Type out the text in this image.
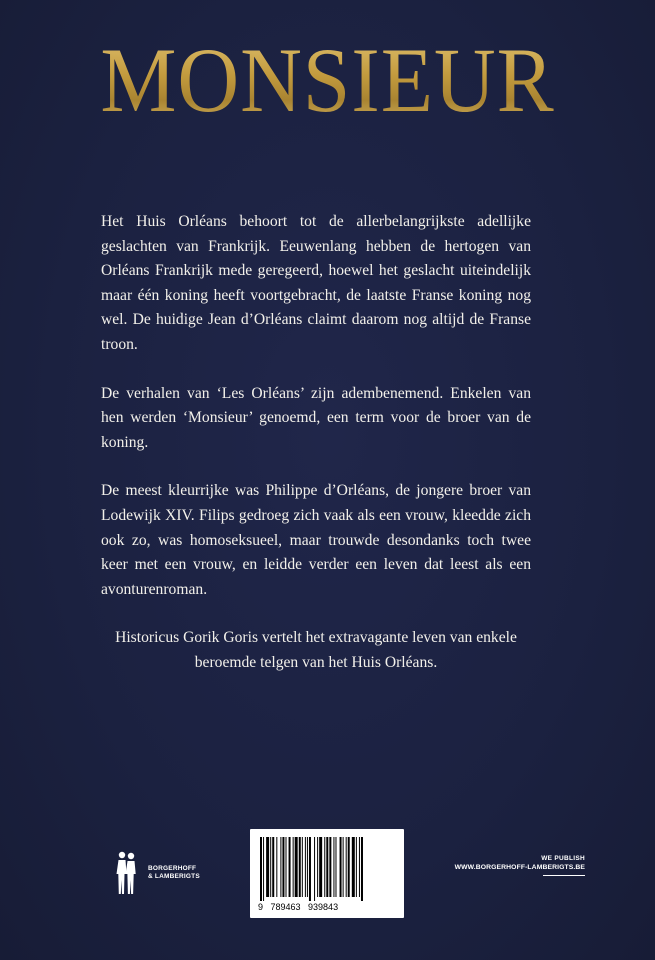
MONSIEUR

Het Huis Orléans behoort tot de allerbelangrijkste adellijke geslachten van Frankrijk. Eeuwenlang hebben de hertogen van Orléans Frankrijk mede geregeerd, hoewel het geslacht uiteindelijk maar één koning heeft voortgebracht, de laatste Franse koning nog wel. De huidige Jean d’Orléans claimt daarom nog altijd de Franse troon.

De verhalen van ‘Les Orléans’ zijn adembenemend. Enkelen van hen werden ‘Monsieur’ genoemd, een term voor de broer van de koning.

De meest kleurrijke was Philippe d’Orléans, de jongere broer van Lodewijk XIV. Filips gedroeg zich vaak als een vrouw, kleedde zich ook zo, was homoseksueel, maar trouwde desondanks toch twee keer met een vrouw, en leidde verder een leven dat leest als een avonturenroman.

Historicus Gorik Goris vertelt het extravagante leven van enkele beroemde telgen van het Huis Orléans.

BORGERHOFF
& LAMBERIGTS
9   789463   939843
WE PUBLISH
WWW.BORGERHOFF-LAMBERIGTS.BE
